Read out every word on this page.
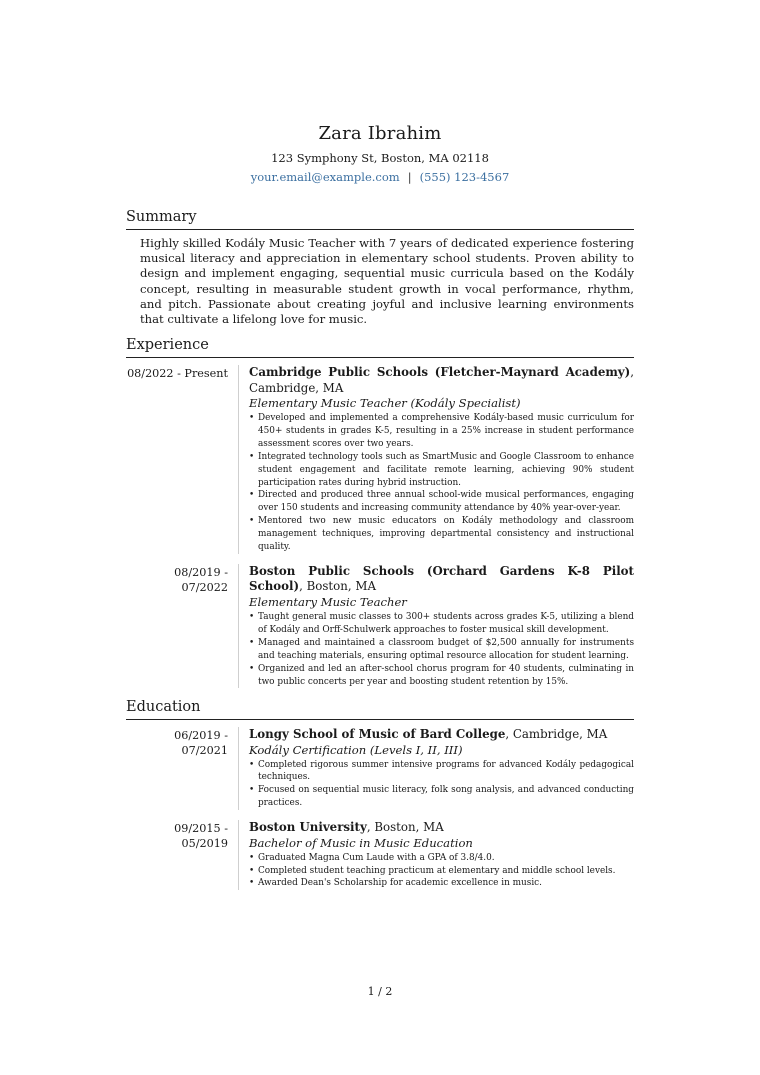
Zara Ibrahim
123 Symphony St, Boston, MA 02118
your.email@example.com | (555) 123-4567
Summary

Highly skilled Kodály Music Teacher with 7 years of dedicated experience fostering musical literacy and appreciation in elementary school students. Proven ability to design and implement engaging, sequential music curricula based on the Kodály concept, resulting in measurable student growth in vocal performance, rhythm, and pitch. Passionate about creating joyful and inclusive learning environments that cultivate a lifelong love for music.

Experience
08/2022 - Present	Cambridge Public Schools (Fletcher-Maynard Academy), Cambridge, MA
Elementary Music Teacher (Kodály Specialist)
• Developed and implemented a comprehensive Kodály-based music curriculum for 450+ students in grades K-5, resulting in a 25% increase in student performance assessment scores over two years.
• Integrated technology tools such as SmartMusic and Google Classroom to enhance student engagement and facilitate remote learning, achieving 90% student participation rates during hybrid instruction.
• Directed and produced three annual school-wide musical performances, engaging over 150 students and increasing community attendance by 40% year-over-year.
• Mentored two new music educators on Kodály methodology and classroom management techniques, improving departmental consistency and instructional quality.
08/2019 - 07/2022
Boston Public Schools (Orchard Gardens K-8 Pilot School), Boston, MA
Elementary Music Teacher
• Taught general music classes to 300+ students across grades K-5, utilizing a blend of Kodály and Orff-Schulwerk approaches to foster musical skill development.
• Managed and maintained a classroom budget of $2,500 annually for instruments and teaching materials, ensuring optimal resource allocation for student learning.
• Organized and led an after-school chorus program for 40 students, culminating in two public concerts per year and boosting student retention by 15%.
Education
06/2019 - 07/2021
Longy School of Music of Bard College, Cambridge, MA
Kodály Certification (Levels I, II, III)
• Completed rigorous summer intensive programs for advanced Kodály pedagogical techniques.
• Focused on sequential music literacy, folk song analysis, and advanced conducting practices.
09/2015 - 05/2019
Boston University, Boston, MA
Bachelor of Music in Music Education
• Graduated Magna Cum Laude with a GPA of 3.8/4.0.
• Completed student teaching practicum at elementary and middle school levels.
• Awarded Dean's Scholarship for academic excellence in music.
1 / 2
